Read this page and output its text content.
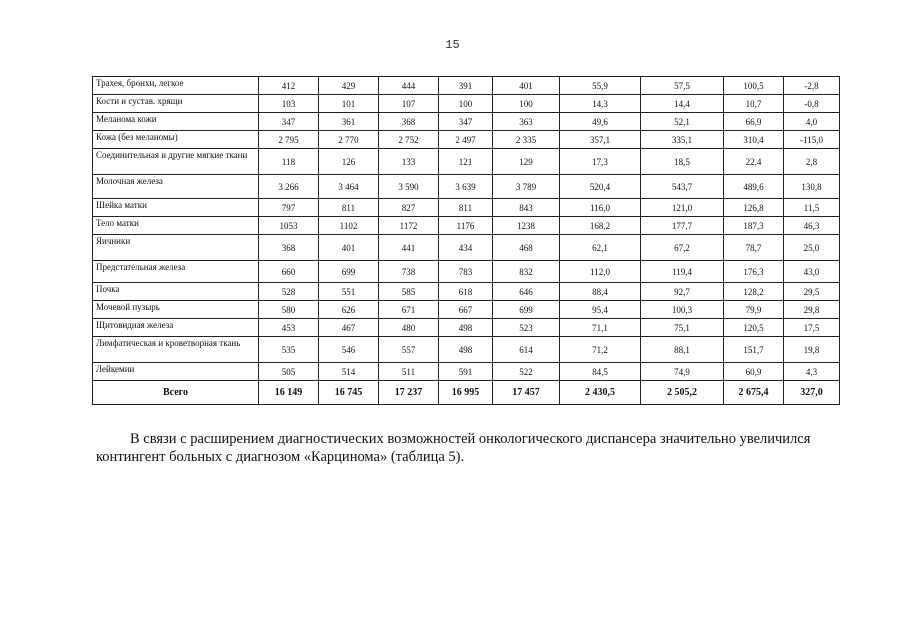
15
Трахея, бронхи, легкое	412	429	444	391	401	55,9	57,5	100,5	-2,8
Кости и сустав. хрящи	103	101	107	100	100	14,3	14,4	10,7	-0,8
Меланома кожи	347	361	368	347	363	49,6	52,1	66,9	4,0
Кожа (без меланомы)	2 795	2 770	2 752	2 497	2 335	357,1	335,1	310,4	-115,0
Соединительная и другие мягкие ткани	118	126	133	121	129	17,3	18,5	22,4	2,8
Молочная железа	3 266	3 464	3 590	3 639	3 789	520,4	543,7	489,6	130,8
Шейка матки	797	811	827	811	843	116,0	121,0	126,8	11,5
Тело матки	1053	1102	1172	1176	1238	168,2	177,7	187,3	46,3
Яичники	368	401	441	434	468	62,1	67,2	78,7	25,0
Предстательная железа	660	699	738	783	832	112,0	119,4	176,3	43,0
Почка	528	551	585	618	646	88,4	92,7	128,2	29,5
Мочевой пузырь	580	626	671	667	699	95,4	100,3	79,9	29,8
Щитовидная железа	453	467	480	498	523	71,1	75,1	120,5	17,5
Лимфатическая и кроветворная ткань	535	546	557	498	614	71,2	88,1	151,7	19,8
Лейкемии	505	514	511	591	522	84,5	74,9	60,9	4,3
Всего	16 149	16 745	17 237	16 995	17 457	2 430,5	2 505,2	2 675,4	327,0

В связи с расширением диагностических возможностей онкологического диспансера значительно увеличился контингент больных с диагнозом «Карцинома» (таблица 5).
